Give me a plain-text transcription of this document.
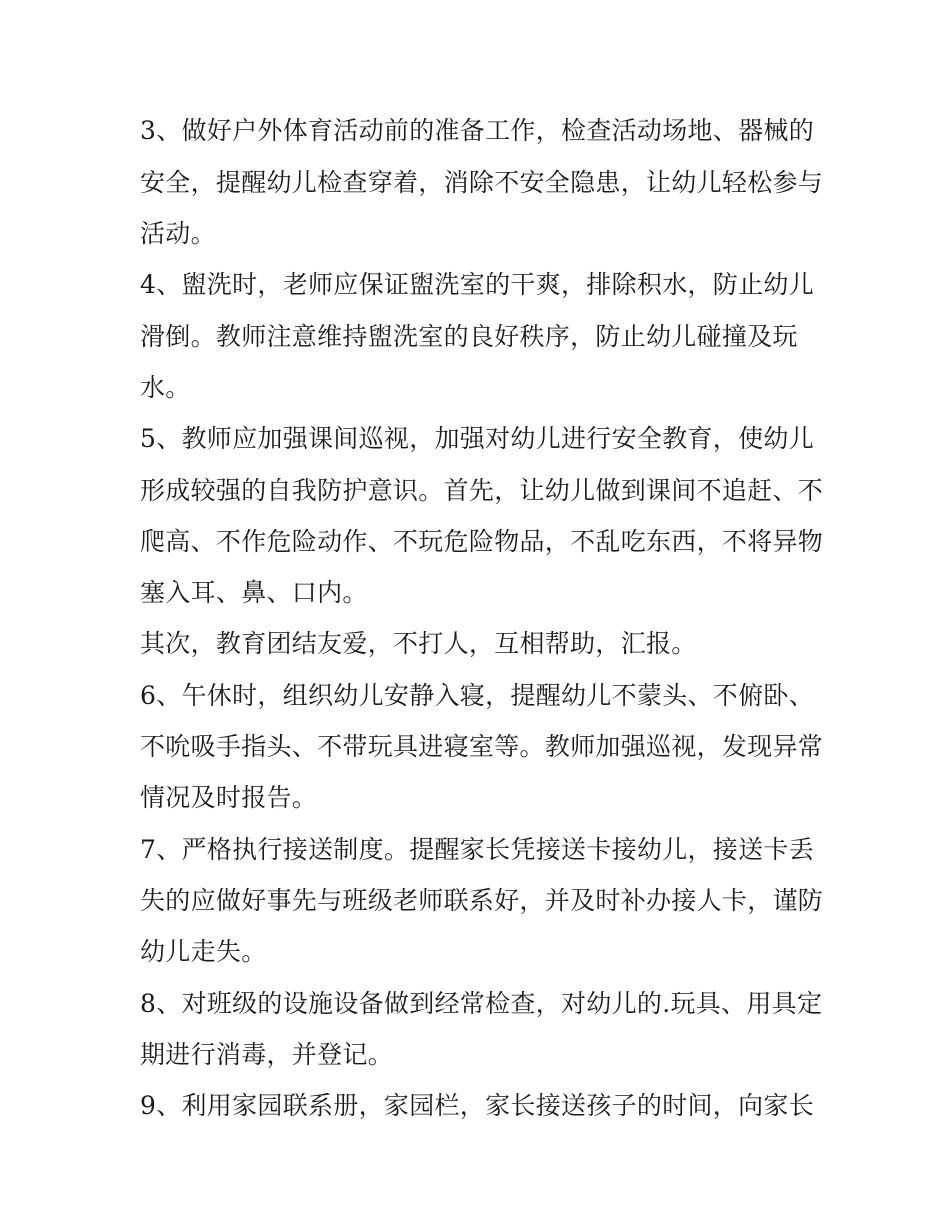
3、做好户外体育活动前的准备工作，检查活动场地、器械的
安全，提醒幼儿检查穿着，消除不安全隐患，让幼儿轻松参与
活动。
4、盥洗时，老师应保证盥洗室的干爽，排除积水，防止幼儿
滑倒。教师注意维持盥洗室的良好秩序，防止幼儿碰撞及玩
水。
5、教师应加强课间巡视，加强对幼儿进行安全教育，使幼儿
形成较强的自我防护意识。首先，让幼儿做到课间不追赶、不
爬高、不作危险动作、不玩危险物品，不乱吃东西，不将异物
塞入耳、鼻、口内。
其次，教育团结友爱，不打人，互相帮助，汇报。
6、午休时，组织幼儿安静入寝，提醒幼儿不蒙头、不俯卧、
不吮吸手指头、不带玩具进寝室等。教师加强巡视，发现异常
情况及时报告。
7、严格执行接送制度。提醒家长凭接送卡接幼儿，接送卡丢
失的应做好事先与班级老师联系好，并及时补办接人卡，谨防
幼儿走失。
8、对班级的设施设备做到经常检查，对幼儿的.玩具、用具定
期进行消毒，并登记。
9、利用家园联系册，家园栏，家长接送孩子的时间，向家长
